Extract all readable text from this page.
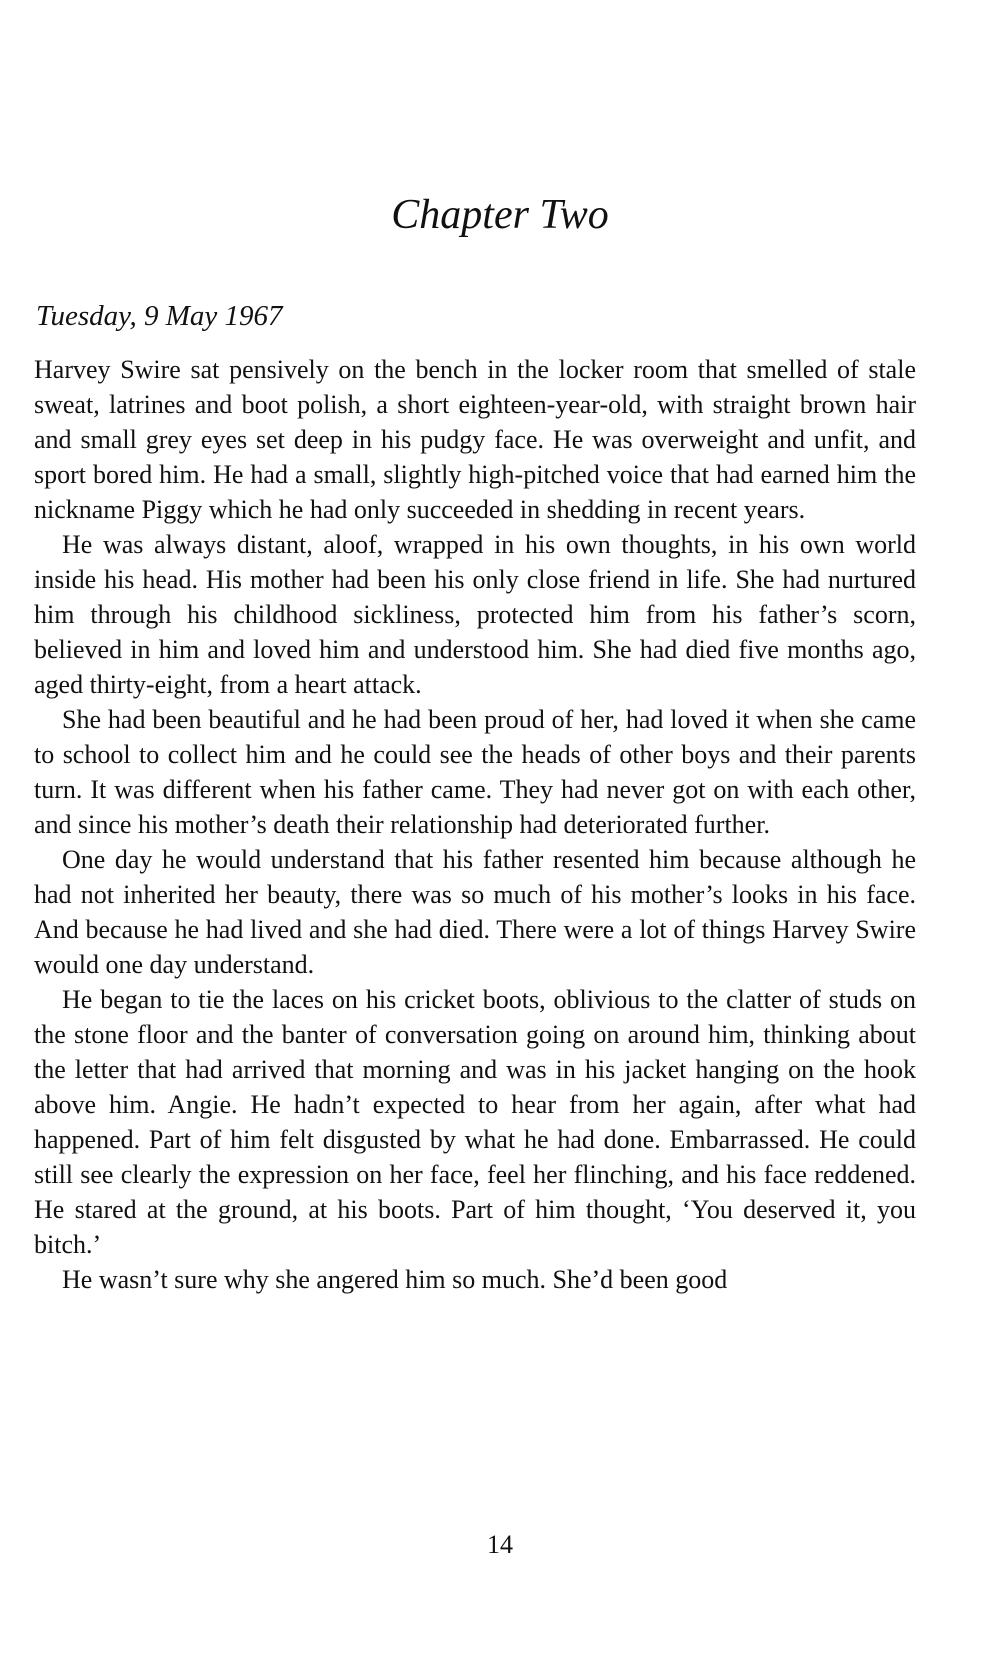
Chapter Two

Tuesday, 9 May 1967

Harvey Swire sat pensively on the bench in the locker room that smelled of stale sweat, latrines and boot polish, a short eighteen-year-old, with straight brown hair and small grey eyes set deep in his pudgy face. He was overweight and unfit, and sport bored him. He had a small, slightly high-pitched voice that had earned him the nickname Piggy which he had only succeeded in shedding in recent years.

He was always distant, aloof, wrapped in his own thoughts, in his own world inside his head. His mother had been his only close friend in life. She had nurtured him through his childhood sickliness, protected him from his father’s scorn, believed in him and loved him and understood him. She had died five months ago, aged thirty-eight, from a heart attack.

She had been beautiful and he had been proud of her, had loved it when she came to school to collect him and he could see the heads of other boys and their parents turn. It was different when his father came. They had never got on with each other, and since his mother’s death their relationship had deteriorated further.

One day he would understand that his father resented him because although he had not inherited her beauty, there was so much of his mother’s looks in his face. And because he had lived and she had died. There were a lot of things Harvey Swire would one day understand.

He began to tie the laces on his cricket boots, oblivious to the clatter of studs on the stone floor and the banter of conversation going on around him, thinking about the letter that had arrived that morning and was in his jacket hanging on the hook above him. Angie. He hadn’t expected to hear from her again, after what had happened. Part of him felt disgusted by what he had done. Embarrassed. He could still see clearly the expression on her face, feel her flinching, and his face reddened. He stared at the ground, at his boots. Part of him thought, ‘You deserved it, you bitch.’

He wasn’t sure why she angered him so much. She’d been good

14
